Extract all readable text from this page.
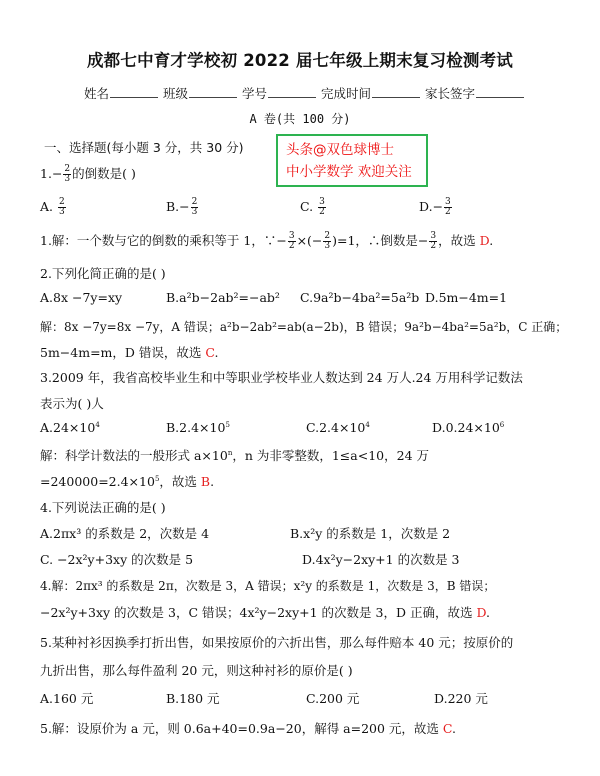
成都七中育才学校初 2022 届七年级上期末复习检测考试
姓名	班级	学号	完成时间	家长签字
A 卷(共 100 分)
一、选择题(每小题 3 分，共 30 分)	头条@双色球博士
中小学数学 欢迎关注
$1.- \frac{2}{3}$ 的倒数是( )
A. $\frac{2}{3}$	$B.- \frac{2}{3}$	C. $\frac{3}{2}$	$D.- \frac{3}{2}$
1.解：一个数与它的倒数的乘积等于 1，∵− $\frac{3}{2}$ ×(− $\frac{2}{3} )=1$，∴倒数是− $\frac{3}{2}$ ，故选 D.
2.下列化简正确的是( )
A.8x −7y=xy	B.a²b−2ab²=−ab² C.9a²b−4ba²=5a²b D.5m−4m=1
解：8x −7y=8x −7y，A 错误；a²b−2ab²=ab(a−2b)，B 错误；9a²b−4ba²=5a²b，C 正确；
5m−4m=m，D 错误，故选 C.
3.2009 年，我省高校毕业生和中等职业学校毕业人数达到 24 万人.24 万用科学记数法
表示为( )人
$A.24\times 10^4$	$B.2.4\times 10^5$	$C.2.4\times 10^4$	$D.0.24\times 10^6$
解：科学计数法的一般形式 $a\times 10^n$，n 为非零整数，1≤a<10，24 万
$=240000=2.4\times 10^5$，故选 B.
4.下列说法正确的是( )
A.2πx³ 的系数是 2，次数是 4	B.x²y 的系数是 1，次数是 2
C. −2x²y+3xy 的次数是 5	D.4x²y−2xy+1 的次数是 3
4.解：2πx³ 的系数是 2π，次数是 3，A 错误；x²y 的系数是 1，次数是 3，B 错误；
−2x²y+3xy 的次数是 3，C 错误；4x²y−2xy+1 的次数是 3，D 正确，故选 D.
5.某种衬衫因换季打折出售，如果按原价的六折出售，那么每件赔本 40 元；按原价的
九折出售，那么每件盈利 20 元，则这种衬衫的原价是( )
A.160 元	B.180 元	C.200 元	D.220 元
5.解：设原价为 a 元，则 0.6a+40=0.9a−20，解得 a=200 元，故选 C.
